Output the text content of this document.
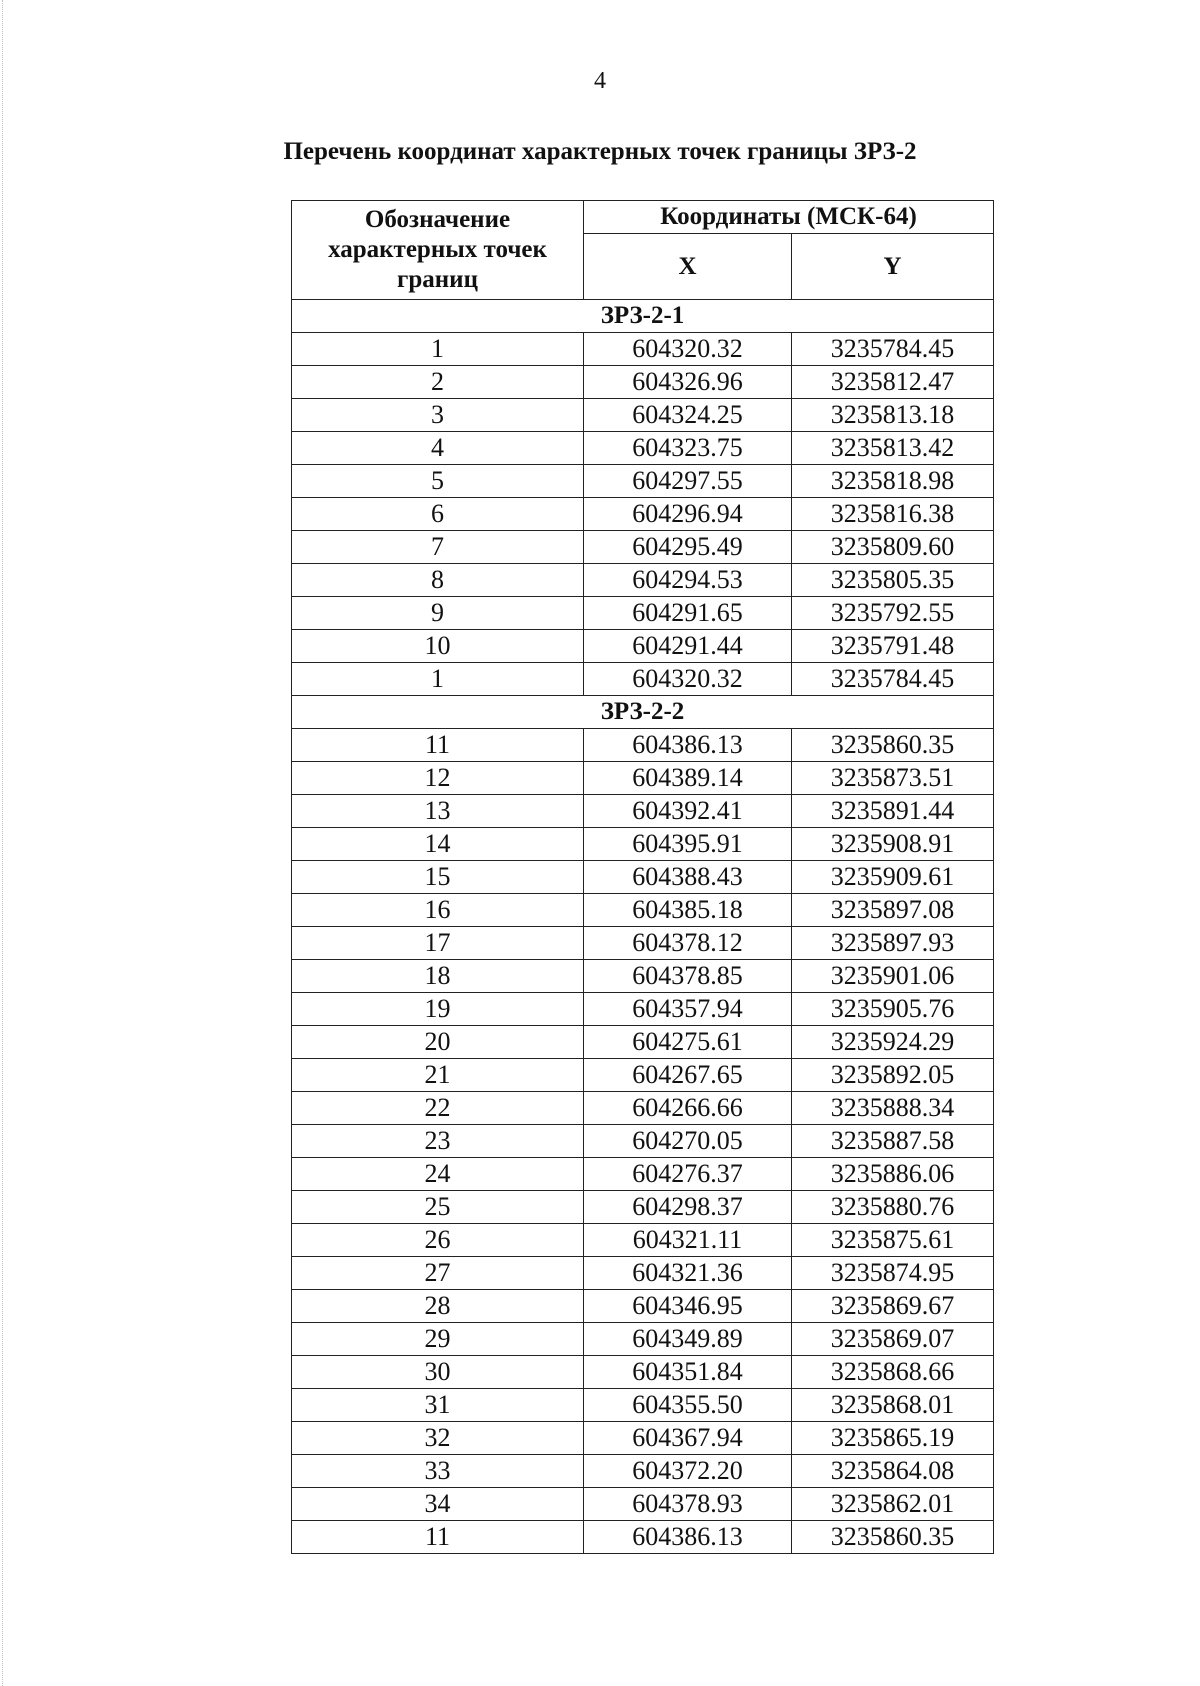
4
Перечень координат характерных точек границы ЗРЗ-2
Обозначение характерных точек границ	Координаты (МСК-64)	
	X	Y
ЗРЗ-2-1		
1	604320.32	3235784.45
2	604326.96	3235812.47
3	604324.25	3235813.18
4	604323.75	3235813.42
5	604297.55	3235818.98
6	604296.94	3235816.38
7	604295.49	3235809.60
8	604294.53	3235805.35
9	604291.65	3235792.55
10	604291.44	3235791.48
1	604320.32	3235784.45
ЗРЗ-2-2		
11	604386.13	3235860.35
12	604389.14	3235873.51
13	604392.41	3235891.44
14	604395.91	3235908.91
15	604388.43	3235909.61
16	604385.18	3235897.08
17	604378.12	3235897.93
18	604378.85	3235901.06
19	604357.94	3235905.76
20	604275.61	3235924.29
21	604267.65	3235892.05
22	604266.66	3235888.34
23	604270.05	3235887.58
24	604276.37	3235886.06
25	604298.37	3235880.76
26	604321.11	3235875.61
27	604321.36	3235874.95
28	604346.95	3235869.67
29	604349.89	3235869.07
30	604351.84	3235868.66
31	604355.50	3235868.01
32	604367.94	3235865.19
33	604372.20	3235864.08
34	604378.93	3235862.01
11	604386.13	3235860.35
